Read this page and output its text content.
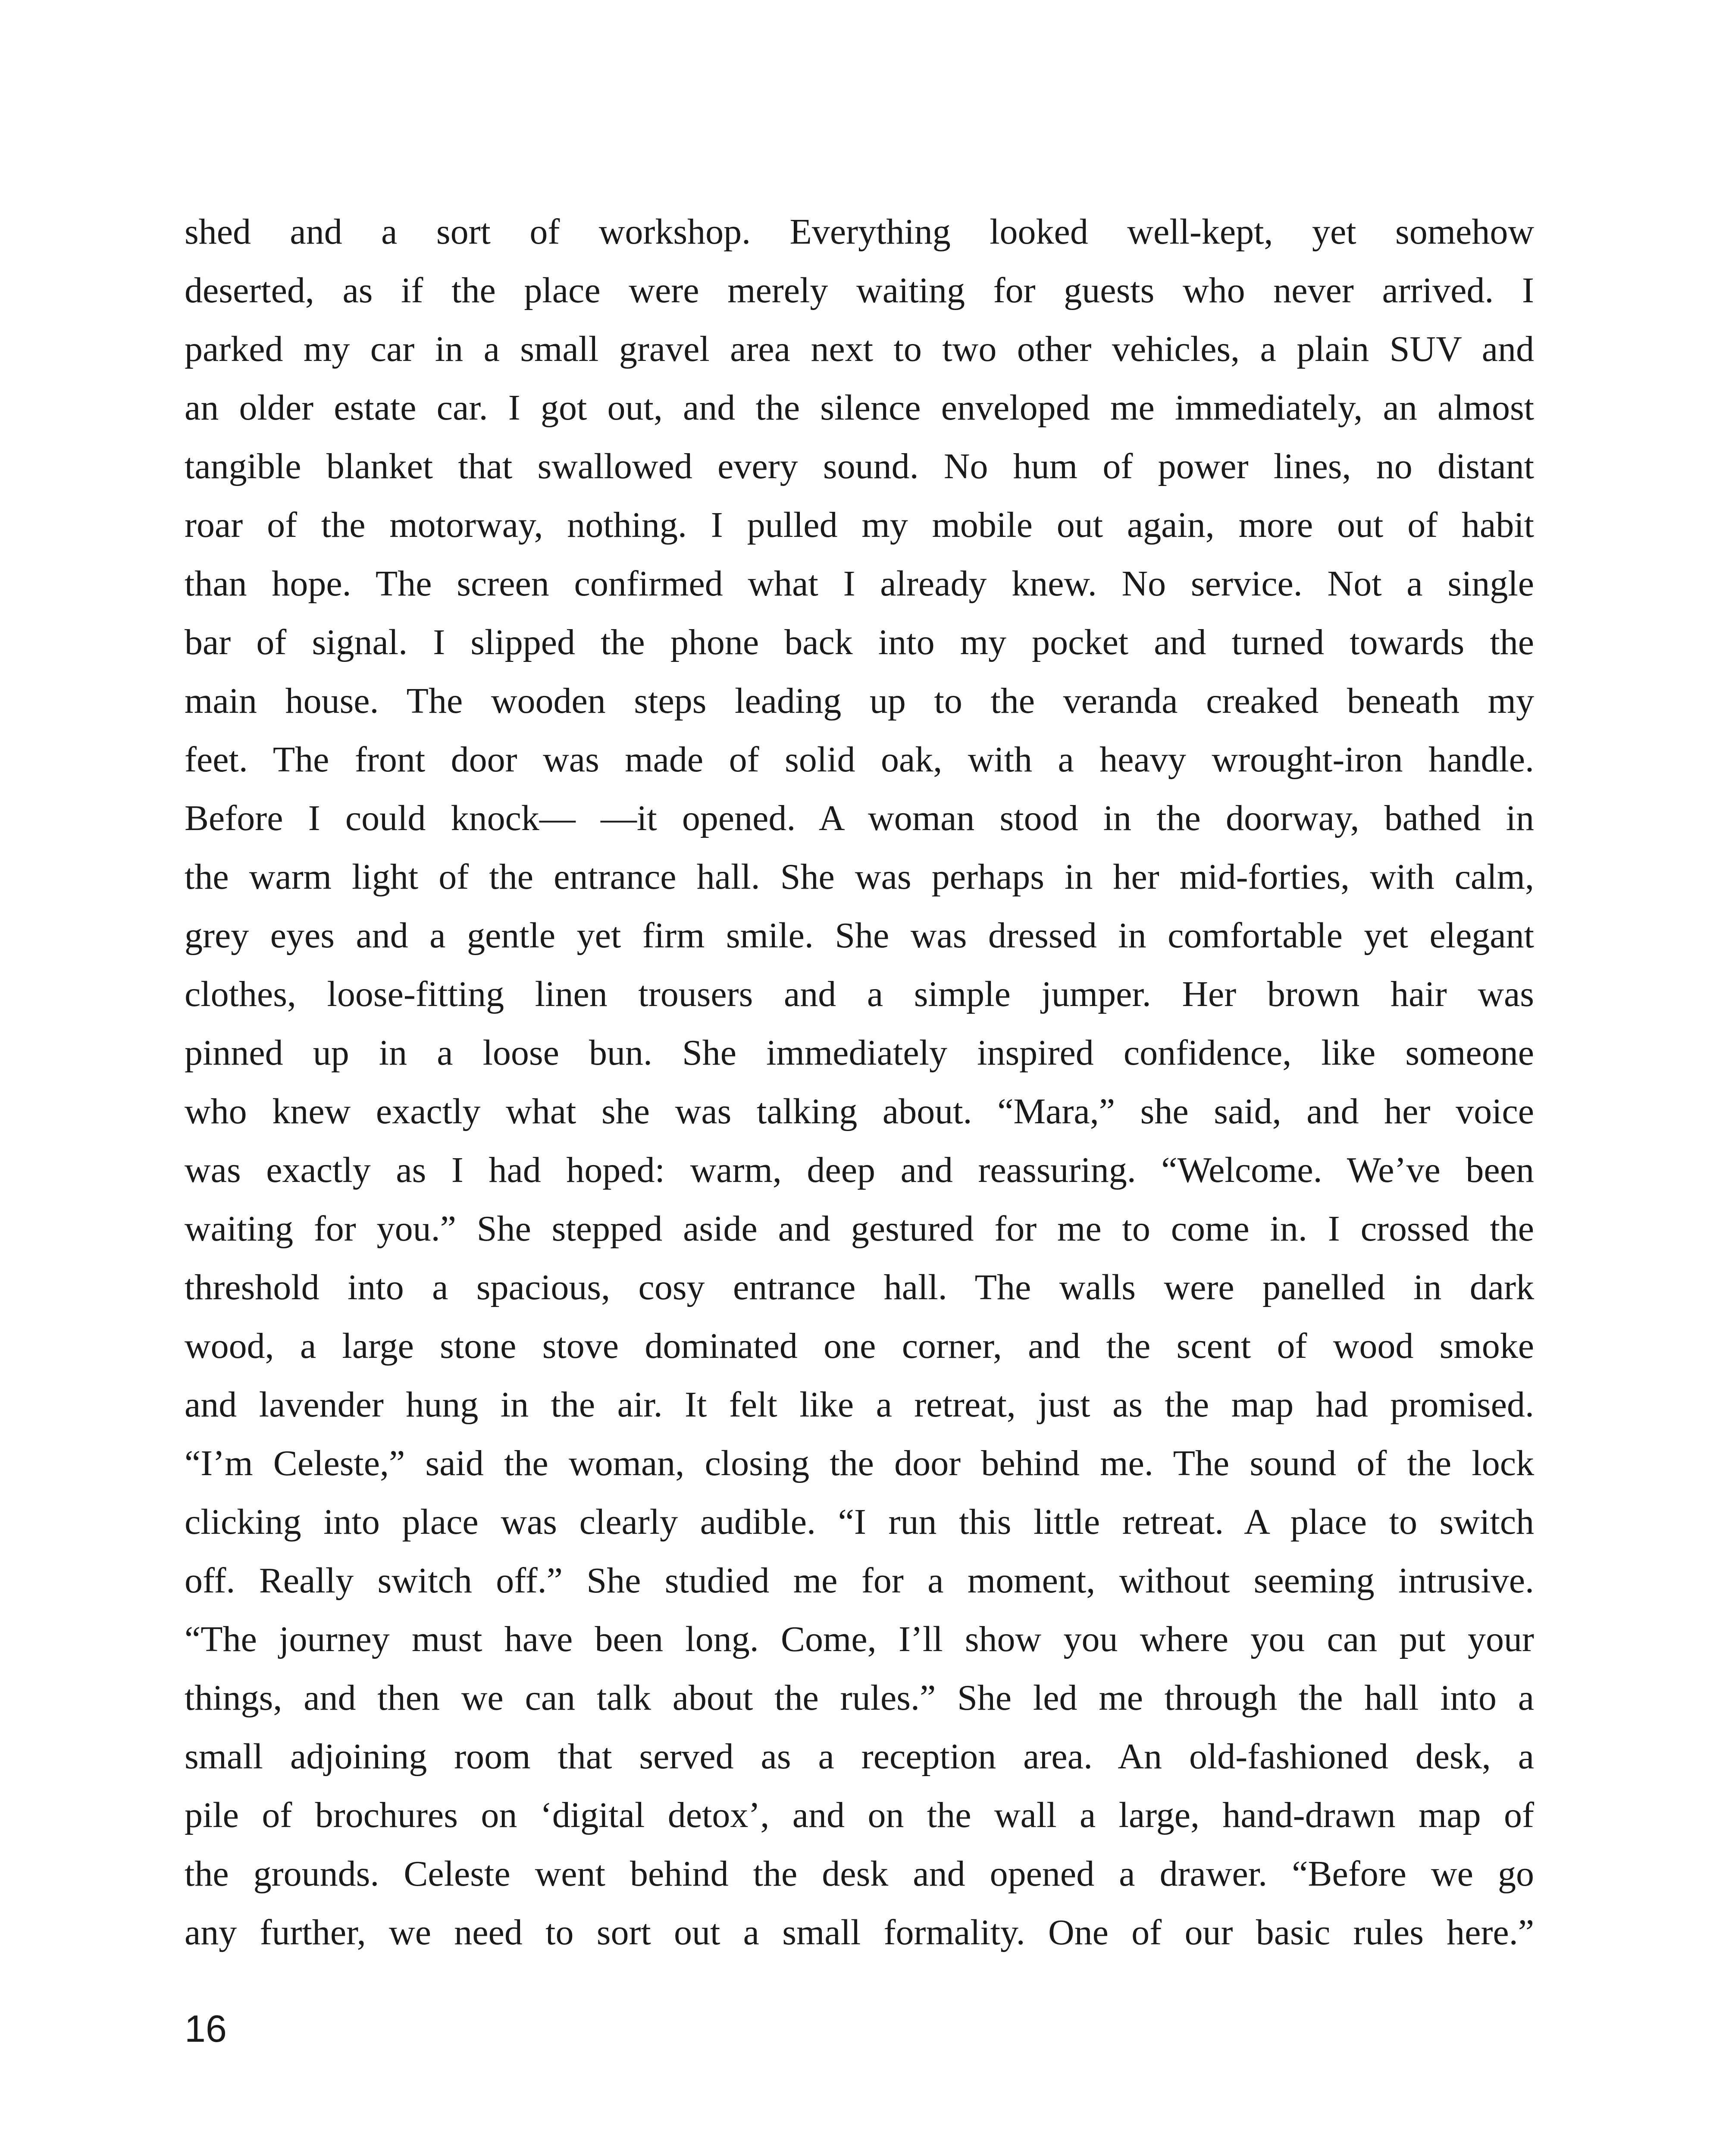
shed and a sort of workshop. Everything looked well-kept, yet somehow
deserted, as if the place were merely waiting for guests who never arrived. I
parked my car in a small gravel area next to two other vehicles, a plain SUV and
an older estate car. I got out, and the silence enveloped me immediately, an almost
tangible blanket that swallowed every sound. No hum of power lines, no distant
roar of the motorway, nothing. I pulled my mobile out again, more out of habit
than hope. The screen confirmed what I already knew. No service. Not a single
bar of signal. I slipped the phone back into my pocket and turned towards the
main house. The wooden steps leading up to the veranda creaked beneath my
feet. The front door was made of solid oak, with a heavy wrought-iron handle.
Before I could knock— —it opened. A woman stood in the doorway, bathed in
the warm light of the entrance hall. She was perhaps in her mid-forties, with calm,
grey eyes and a gentle yet firm smile. She was dressed in comfortable yet elegant
clothes, loose-fitting linen trousers and a simple jumper. Her brown hair was
pinned up in a loose bun. She immediately inspired confidence, like someone
who knew exactly what she was talking about. “Mara,” she said, and her voice
was exactly as I had hoped: warm, deep and reassuring. “Welcome. We’ve been
waiting for you.” She stepped aside and gestured for me to come in. I crossed the
threshold into a spacious, cosy entrance hall. The walls were panelled in dark
wood, a large stone stove dominated one corner, and the scent of wood smoke
and lavender hung in the air. It felt like a retreat, just as the map had promised.
“I’m Celeste,” said the woman, closing the door behind me. The sound of the lock
clicking into place was clearly audible. “I run this little retreat. A place to switch
off. Really switch off.” She studied me for a moment, without seeming intrusive.
“The journey must have been long. Come, I’ll show you where you can put your
things, and then we can talk about the rules.” She led me through the hall into a
small adjoining room that served as a reception area. An old-fashioned desk, a
pile of brochures on ‘digital detox’, and on the wall a large, hand-drawn map of
the grounds. Celeste went behind the desk and opened a drawer. “Before we go
any further, we need to sort out a small formality. One of our basic rules here.”
16
